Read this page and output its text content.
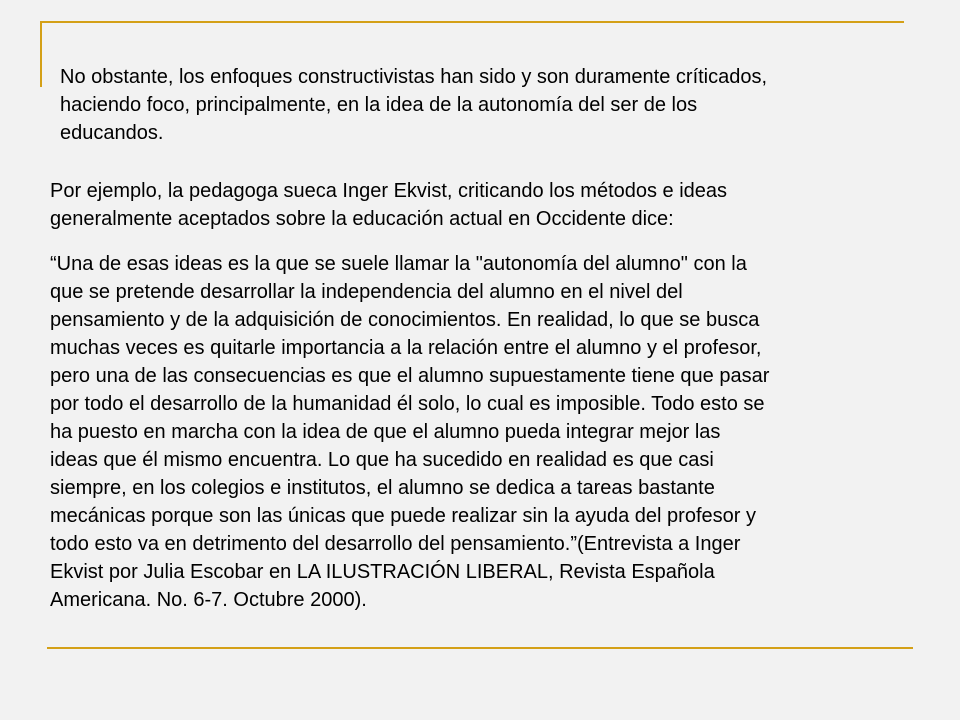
No obstante, los enfoques constructivistas han sido y son duramente críticados,
haciendo foco, principalmente, en la idea de la autonomía del ser de los
educandos.
Por ejemplo, la pedagoga sueca Inger Ekvist, criticando los métodos e ideas
generalmente aceptados sobre la educación actual en Occidente dice:
“Una de esas ideas es la que se suele llamar la "autonomía del alumno" con la
que se pretende desarrollar la independencia del alumno en el nivel del
pensamiento y de la adquisición de conocimientos. En realidad, lo que se busca
muchas veces es quitarle importancia a la relación entre el alumno y el profesor,
pero una de las consecuencias es que el alumno supuestamente tiene que pasar
por todo el desarrollo de la humanidad él solo, lo cual es imposible. Todo esto se
ha puesto en marcha con la idea de que el alumno pueda integrar mejor las
ideas que él mismo encuentra. Lo que ha sucedido en realidad es que casi
siempre, en los colegios e institutos, el alumno se dedica a tareas bastante
mecánicas porque son las únicas que puede realizar sin la ayuda del profesor y
todo esto va en detrimento del desarrollo del pensamiento.”(Entrevista a Inger
Ekvist por Julia Escobar en LA ILUSTRACIÓN LIBERAL, Revista Española
Americana. No. 6-7. Octubre 2000).
